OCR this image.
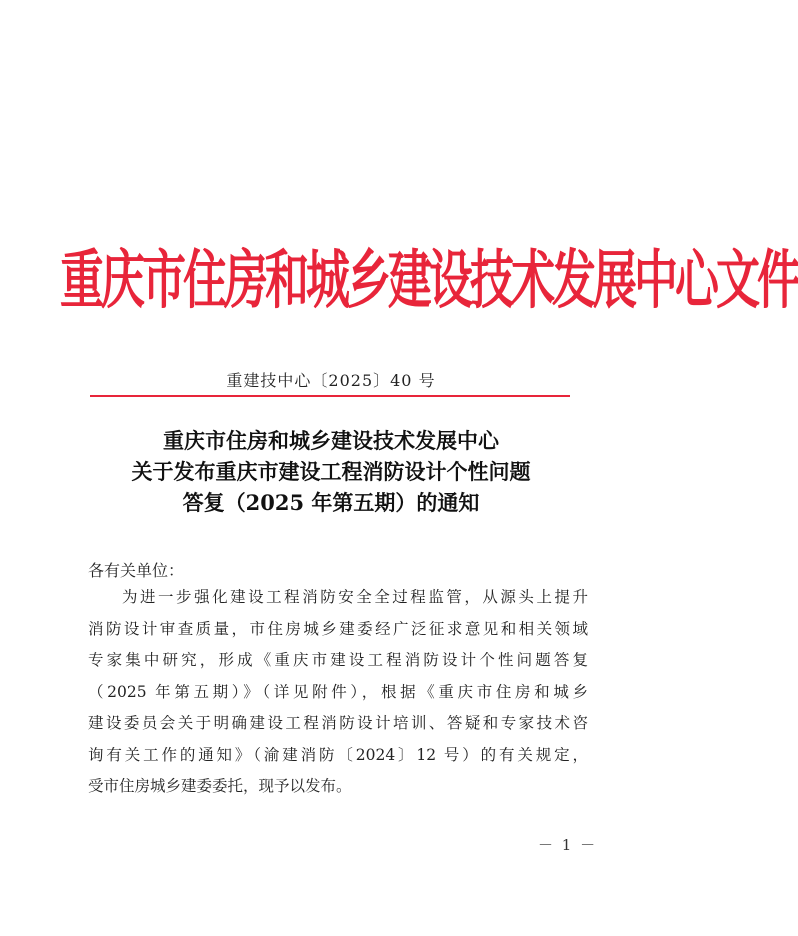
重庆市住房和城乡建设技术发展中心文件
重建技中心〔2025〕40 号
重庆市住房和城乡建设技术发展中心
关于发布重庆市建设工程消防设计个性问题
答复（2025 年第五期）的通知
各有关单位：
为进一步强化建设工程消防安全全过程监管，从源头上提升
消防设计审查质量，市住房城乡建委经广泛征求意见和相关领域
专家集中研究，形成《重庆市建设工程消防设计个性问题答复
（2025 年第五期）》（详见附件），根据《重庆市住房和城乡
建设委员会关于明确建设工程消防设计培训、答疑和专家技术咨
询有关工作的通知》（渝建消防〔2024〕12 号）的有关规定，
受市住房城乡建委委托，现予以发布。
－ 1 －
